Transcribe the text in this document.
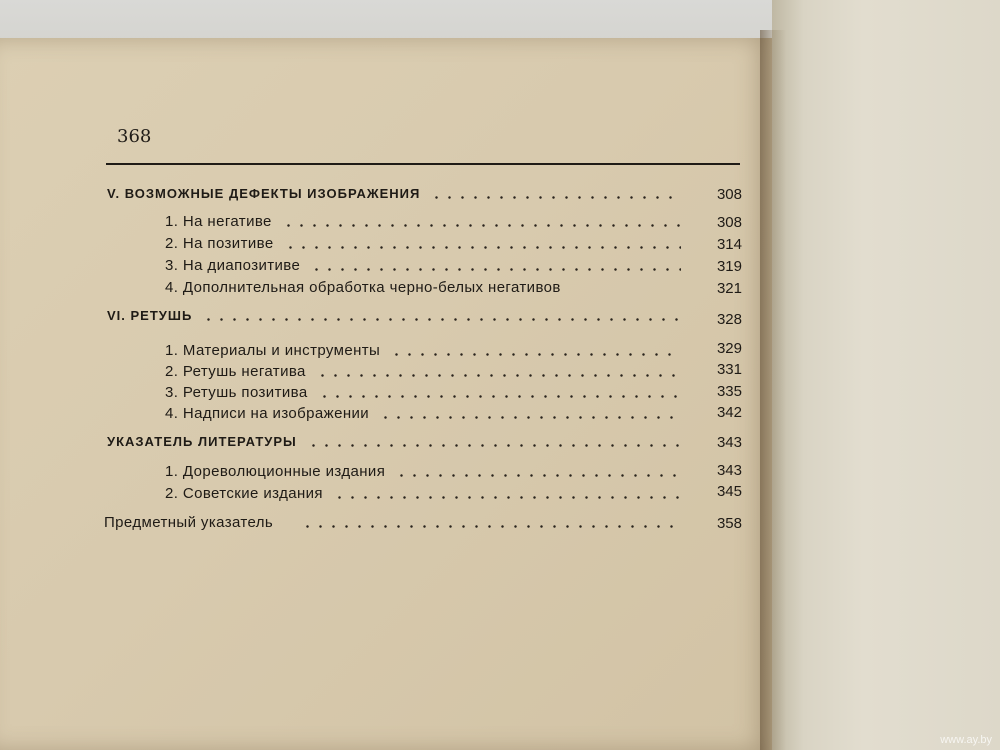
368
V. ВОЗМОЖНЫЕ ДЕФЕКТЫ ИЗОБРАЖЕНИЯ	308
1. На негативе	308
2. На позитиве	314
3. На диапозитиве	319
4. Дополнительная обработка черно-белых негативов	321
VI. РЕТУШЬ	328
1. Материалы и инструменты	329
2. Ретушь негатива	331
3. Ретушь позитива	335
4. Надписи на изображении	342
УКАЗАТЕЛЬ ЛИТЕРАТУРЫ	343
1. Дореволюционные издания	343
2. Советские издания	345
Предметный указатель	358
www.ay.by
